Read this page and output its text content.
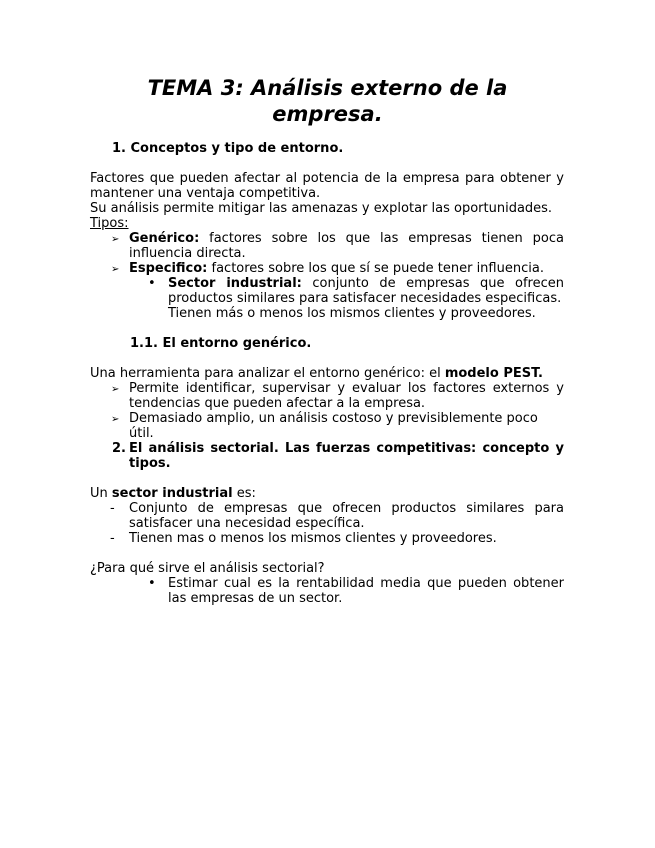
TEMA 3: Análisis externo de la empresa.
1. Conceptos y tipo de entorno.
Factores que pueden afectar al potencia de la empresa para obtener y mantener una ventaja competitiva.
Su análisis permite mitigar las amenazas y explotar las oportunidades.
Tipos:
➢ Genérico: factores sobre los que las empresas tienen poca influencia directa.
➢ Especifico: factores sobre los que sí se puede tener influencia.
• Sector industrial: conjunto de empresas que ofrecen productos similares para satisfacer necesidades especificas.
Tienen más o menos los mismos clientes y proveedores.
1.1. El entorno genérico.
Una herramienta para analizar el entorno genérico: el modelo PEST.
➢ Permite identificar, supervisar y evaluar los factores externos y tendencias que pueden afectar a la empresa.
➢ Demasiado amplio, un análisis costoso y previsiblemente poco útil.
2. El análisis sectorial. Las fuerzas competitivas: concepto y tipos.
Un sector industrial es:
- Conjunto de empresas que ofrecen productos similares para satisfacer una necesidad específica.
- Tienen mas o menos los mismos clientes y proveedores.
¿Para qué sirve el análisis sectorial?
• Estimar cual es la rentabilidad media que pueden obtener las empresas de un sector.
